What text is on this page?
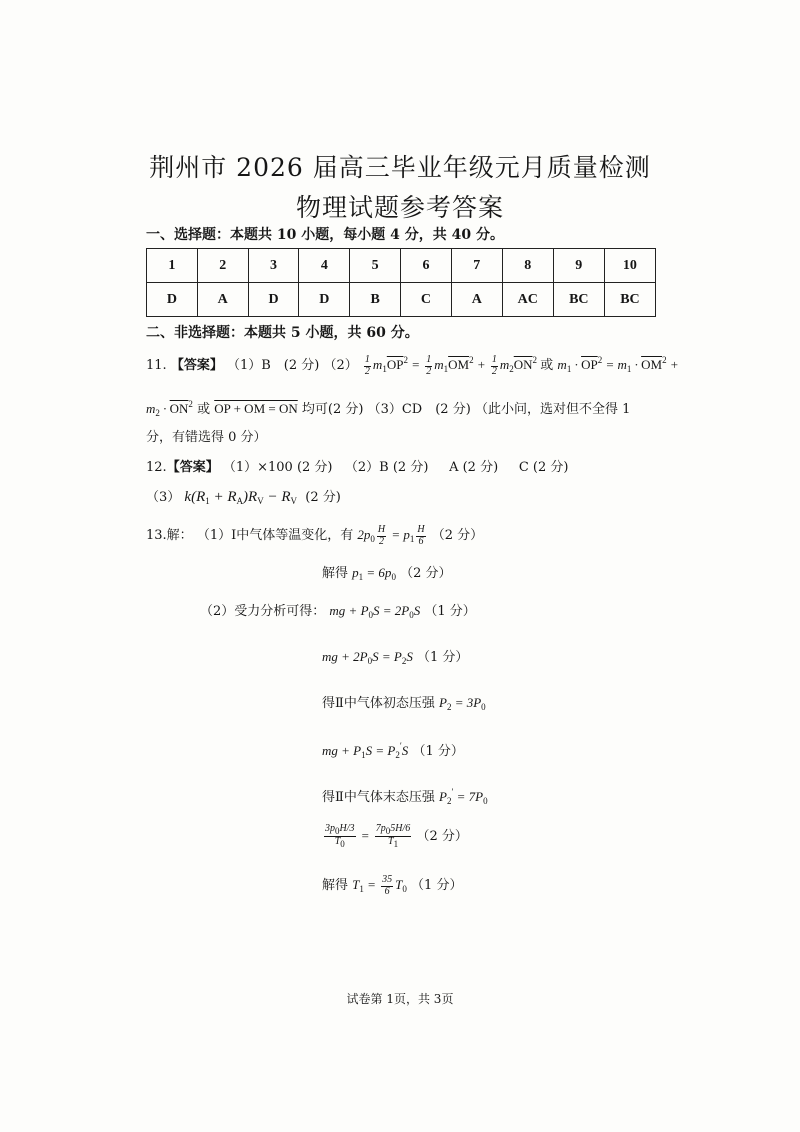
荆州市 2026 届高三毕业年级元月质量检测
物理试题参考答案
一、选择题：本题共 10 小题，每小题 4 分，共 40 分。
1	2	3	4	5	6	7	8	9	10
D	A	D	D	B	C	A	AC	BC	BC
二、非选择题：本题共 5 小题，共 60 分。
11. 【答案】 （1）B　(2 分) $(2) \frac{1}{2} m_1\overline{OP}^2 = \frac{1}{2} m_1\overline{OM}^2 + \frac{1}{2} m_2\overline{ON}^2$ 或 $m_1 \cdot \overline{OP}^2 = m_1 \cdot \overline{OM}^2$ +
$m_2 \cdot \overline{ON}^2$ 或 OP + OM = ON 均可(2 分) （3）CD　(2 分) （此小问，选对但不全得 1
分，有错选得 0 分）
12.【答案】 （1）×100 (2 分) （2）B (2 分) A (2 分) C (2 分)
（3） $k(R_1 + R_A)R_V - R_V$ (2 分)
13.解： （1）Ⅰ中气体等温变化，有 $2p_0 \frac{H}{2} = p_1 \frac{H}{6} (2$ 分）
解得 $p_1 = 6p_0$ （2 分）
（2）受力分析可得： mg + $P_0S = 2P_0S$ （1 分）
mg + $2P_0S = P_2S$ （1 分）
得Ⅱ中气体初态压强 $P_2 = 3P_0$
mg + $P_1S = P_2'S$ （1 分）
得Ⅱ中气体末态压强 $P_2' = 7P_0$
$\frac{3p0H/3}{T0} = \frac{7p05H/6}{T1} (2$ 分）
解得 $T_1 = \frac{35}{6} T_0$ （1 分）
试卷第 1页，共 3页
